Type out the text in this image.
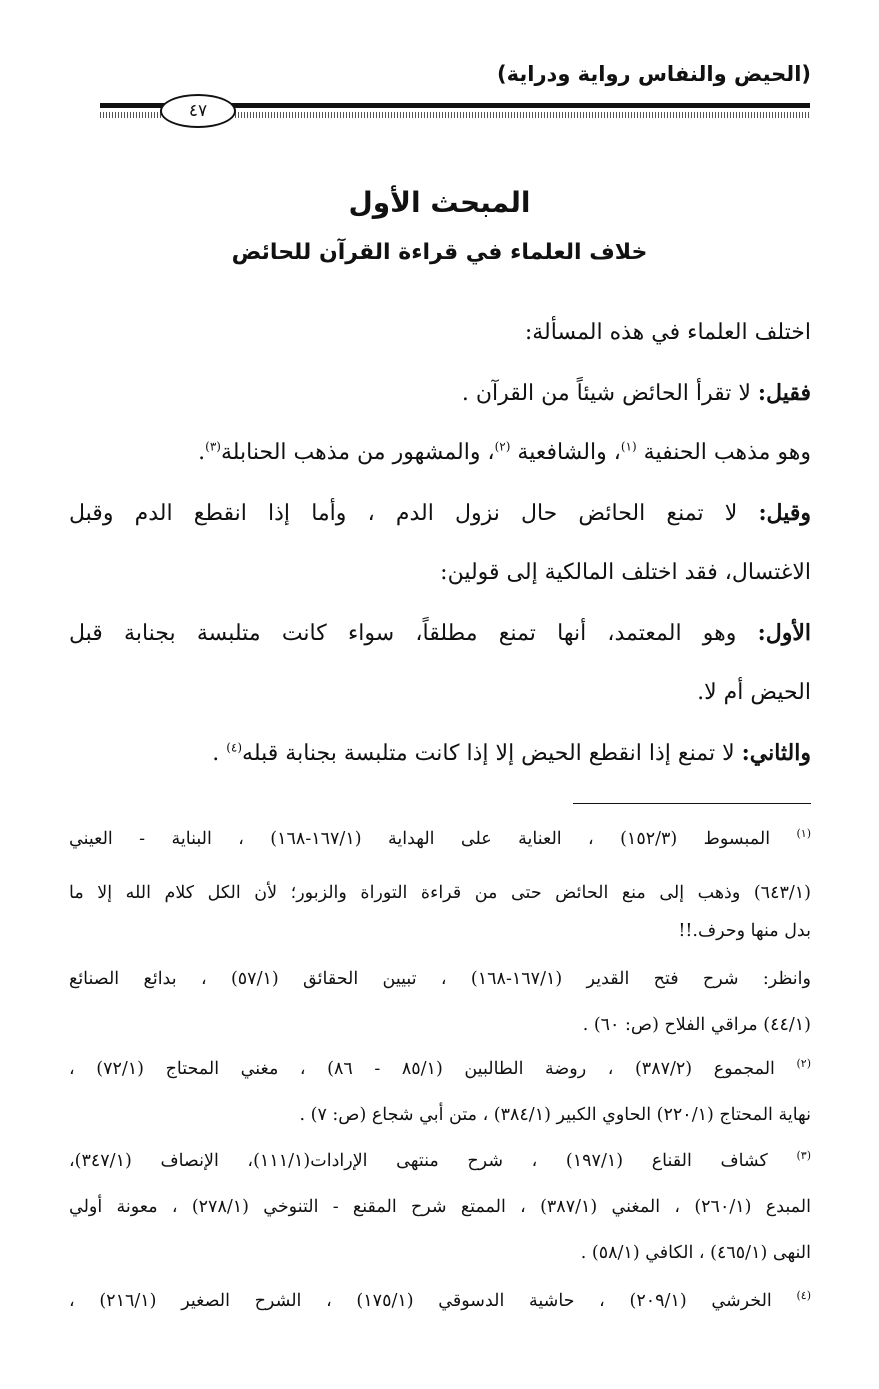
(الحيض والنفاس رواية ودراية)
٤٧
المبحث الأول
خلاف العلماء في قراءة القرآن للحائض
اختلف العلماء في هذه المسألة:
فقيل: لا تقرأ الحائض شيئاً من القرآن .
وهو مذهب الحنفية $^{(١)}$، والشافعية $^{(٢)}$، والمشهور من مذهب الحنابلة$^{(٣)}$.
وقيل: لا تمنع الحائض حال نزول الدم ، وأما إذا انقطع الدم وقبل
الاغتسال، فقد اختلف المالكية إلى قولين:
الأول: وهو المعتمد، أنها تمنع مطلقاً، سواء كانت متلبسة بجنابة قبل
الحيض أم لا.
والثاني: لا تمنع إذا انقطع الحيض إلا إذا كانت متلبسة بجنابة قبله$^{(٤)}$ .
$^{(١)}$ المبسوط (١٥٢/٣) ، العناية على الهداية (١٦٧/١-١٦٨) ، البناية - العيني
(٦٤٣/١) وذهب إلى منع الحائض حتى من قراءة التوراة والزبور؛ لأن الكل كلام الله إلا ما
بدل منها وحرف.!!
وانظر: شرح فتح القدير (١٦٧/١-١٦٨) ، تبيين الحقائق (٥٧/١) ، بدائع الصنائع
(٤٤/١) مراقي الفلاح (ص: ٦٠) .
$^{(٢)}$ المجموع (٣٨٧/٢) ، روضة الطالبين (٨٥/١ - ٨٦) ، مغني المحتاج (٧٢/١) ،
نهاية المحتاج (٢٢٠/١) الحاوي الكبير (٣٨٤/١) ، متن أبي شجاع (ص: ٧) .
$^{(٣)}$ كشاف القناع (١٩٧/١) ، شرح منتهى الإرادات(١١١/١)، الإنصاف (٣٤٧/١)،
المبدع (٢٦٠/١) ، المغني (٣٨٧/١) ، الممتع شرح المقنع - التنوخي (٢٧٨/١) ، معونة أولي
النهى (٤٦٥/١) ، الكافي (٥٨/١) .
$^{(٤)}$ الخرشي (٢٠٩/١) ، حاشية الدسوقي (١٧٥/١) ، الشرح الصغير (٢١٦/١) ،
